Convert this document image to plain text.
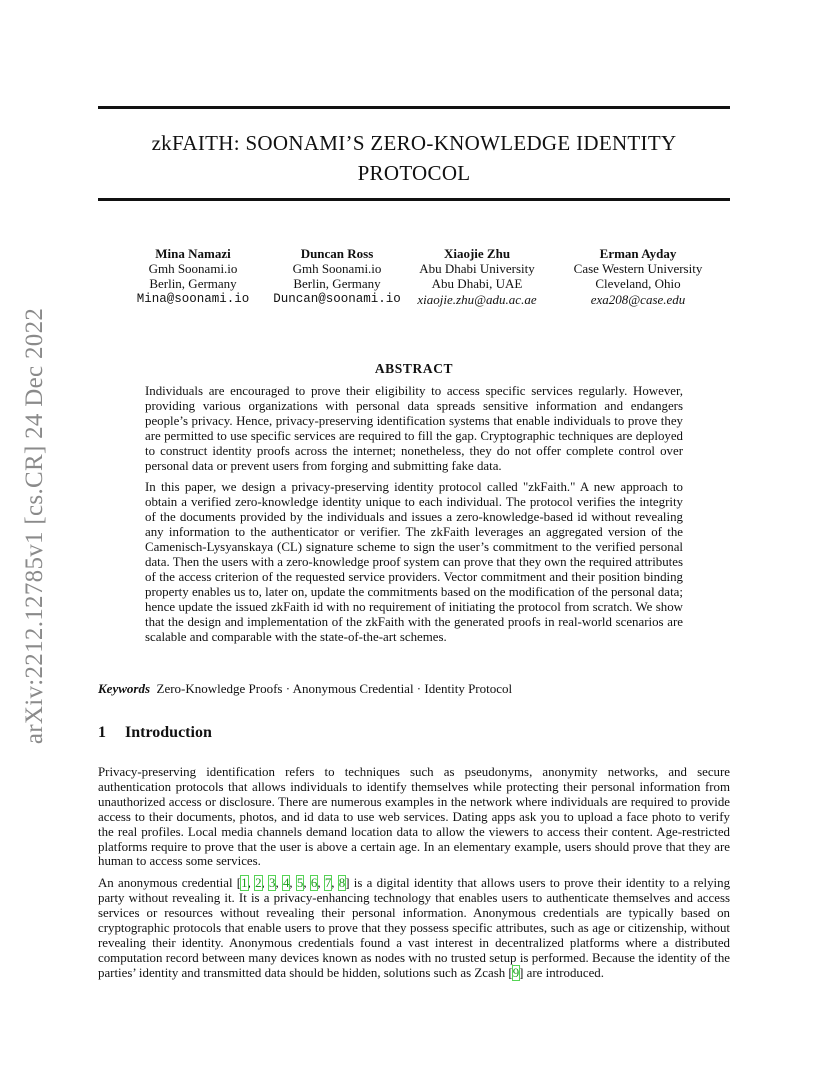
arXiv:2212.12785v1 [cs.CR] 24 Dec 2022
zkFAITH: SOONAMI’S ZERO-KNOWLEDGE IDENTITY
PROTOCOL
Mina Namazi
Gmh Soonami.io
Berlin, Germany
Mina@soonami.io
Duncan Ross
Gmh Soonami.io
Berlin, Germany
Duncan@soonami.io
Xiaojie Zhu
Abu Dhabi University
Abu Dhabi, UAE
xiaojie.zhu@adu.ac.ae
Erman Ayday
Case Western University
Cleveland, Ohio
exa208@case.edu
ABSTRACT

Individuals are encouraged to prove their eligibility to access specific services regularly. However, providing various organizations with personal data spreads sensitive information and endangers people’s privacy. Hence, privacy-preserving identification systems that enable individuals to prove they are permitted to use specific services are required to fill the gap. Cryptographic techniques are deployed to construct identity proofs across the internet; nonetheless, they do not offer complete control over personal data or prevent users from forging and submitting fake data.

In this paper, we design a privacy-preserving identity protocol called "zkFaith." A new approach to obtain a verified zero-knowledge identity unique to each individual. The protocol verifies the integrity of the documents provided by the individuals and issues a zero-knowledge-based id without revealing any information to the authenticator or verifier. The zkFaith leverages an aggregated version of the Camenisch-Lysyanskaya (CL) signature scheme to sign the user’s commitment to the verified personal data. Then the users with a zero-knowledge proof system can prove that they own the required attributes of the access criterion of the requested service providers. Vector commitment and their position binding property enables us to, later on, update the commitments based on the modification of the personal data; hence update the issued zkFaith id with no requirement of initiating the protocol from scratch. We show that the design and implementation of the zkFaith with the generated proofs in real-world scenarios are scalable and comparable with the state-of-the-art schemes.

Keywords Zero-Knowledge Proofs · Anonymous Credential · Identity Protocol
1 Introduction

Privacy-preserving identification refers to techniques such as pseudonyms, anonymity networks, and secure authentication protocols that allows individuals to identify themselves while protecting their personal information from unauthorized access or disclosure. There are numerous examples in the network where individuals are required to provide access to their documents, photos, and id data to use web services. Dating apps ask you to upload a face photo to verify the real profiles. Local media channels demand location data to allow the viewers to access their content. Age-restricted platforms require to prove that the user is above a certain age. In an elementary example, users should prove that they are human to access some services.

An anonymous credential [1, 2, 3, 4, 5, 6, 7, 8] is a digital identity that allows users to prove their identity to a relying party without revealing it. It is a privacy-enhancing technology that enables users to authenticate themselves and access services or resources without revealing their personal information. Anonymous credentials are typically based on cryptographic protocols that enable users to prove that they possess specific attributes, such as age or citizenship, without revealing their identity. Anonymous credentials found a vast interest in decentralized platforms where a distributed computation record between many devices known as nodes with no trusted setup is performed. Because the identity of the parties’ identity and transmitted data should be hidden, solutions such as Zcash [9] are introduced.
